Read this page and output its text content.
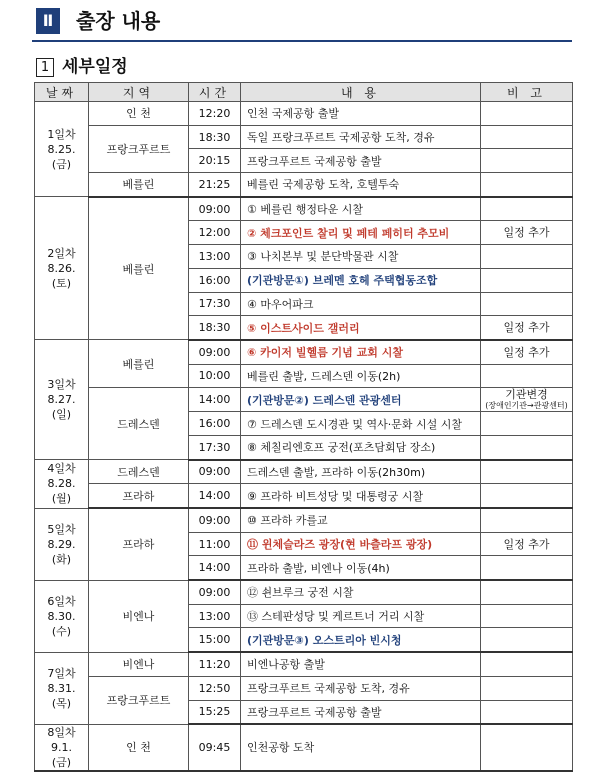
Ⅱ	출장 내용
1 세부일정
날짜	지역	시간	내 용	비 고

1일차
8.25.
(금)	인 천	12:20	인천 국제공항 출발	
	프랑크푸르트	18:30	독일 프랑크푸르트 국제공항 도착, 경유	
		20:15	프랑크푸르트 국제공항 출발	
	베를린	21:25	베를린 국제공항 도착, 호텔투숙	

2일차
8.26.
(토)	베를린	09:00	① 베를린 행정타운 시찰	
		12:00	② 체크포인트 찰리 및 페테 페히터 추모비	일정 추가
		13:00	③ 나치본부 및 분단박물관 시찰	
		16:00	(기관방문①) 브레멘 호헤 주택협동조합	
		17:30	④ 마우어파크	
		18:30	⑤ 이스트사이드 갤러리	일정 추가

3일차
8.27.
(일)	베를린	09:00	⑥ 카이저 빌헬름 기념 교회 시찰	일정 추가
		10:00	베를린 출발, 드레스덴 이동(2h)	
	드레스덴	14:00	(기관방문②) 드레스덴 관광센터	기관변경
(장애인기관→관광센터)

		16:00	⑦ 드레스덴 도시경관 및 역사·문화 시설 시찰	
		17:30	⑧ 체칠리엔호프 궁전(포츠담회담 장소)	

4일차
8.28.
(월)	드레스덴	09:00	드레스덴 출발, 프라하 이동(2h30m)	
	프라하	14:00	⑨ 프라하 비트성당 및 대통령궁 시찰	

5일차
8.29.
(화)	프라하	09:00	⑩ 프라하 카를교	
		11:00	⑪ 윈체슬라즈 광장(현 바츨라프 광장)	일정 추가
		14:00	프라하 출발, 비엔나 이동(4h)	

6일차
8.30.
(수)	비엔나	09:00	⑫ 쇤브루크 궁전 시찰	
		13:00	⑬ 스테판성당 및 케르트너 거리 시찰	
		15:00	(기관방문③) 오스트리아 빈시청	

7일차
8.31.
(목)	비엔나	11:20	비엔나공항 출발	
	프랑크푸르트	12:50	프랑크푸르트 국제공항 도착, 경유	
		15:25	프랑크푸르트 국제공항 출발	

8일차
9.1.
(금)	인 천	09:45	인천공항 도착	
